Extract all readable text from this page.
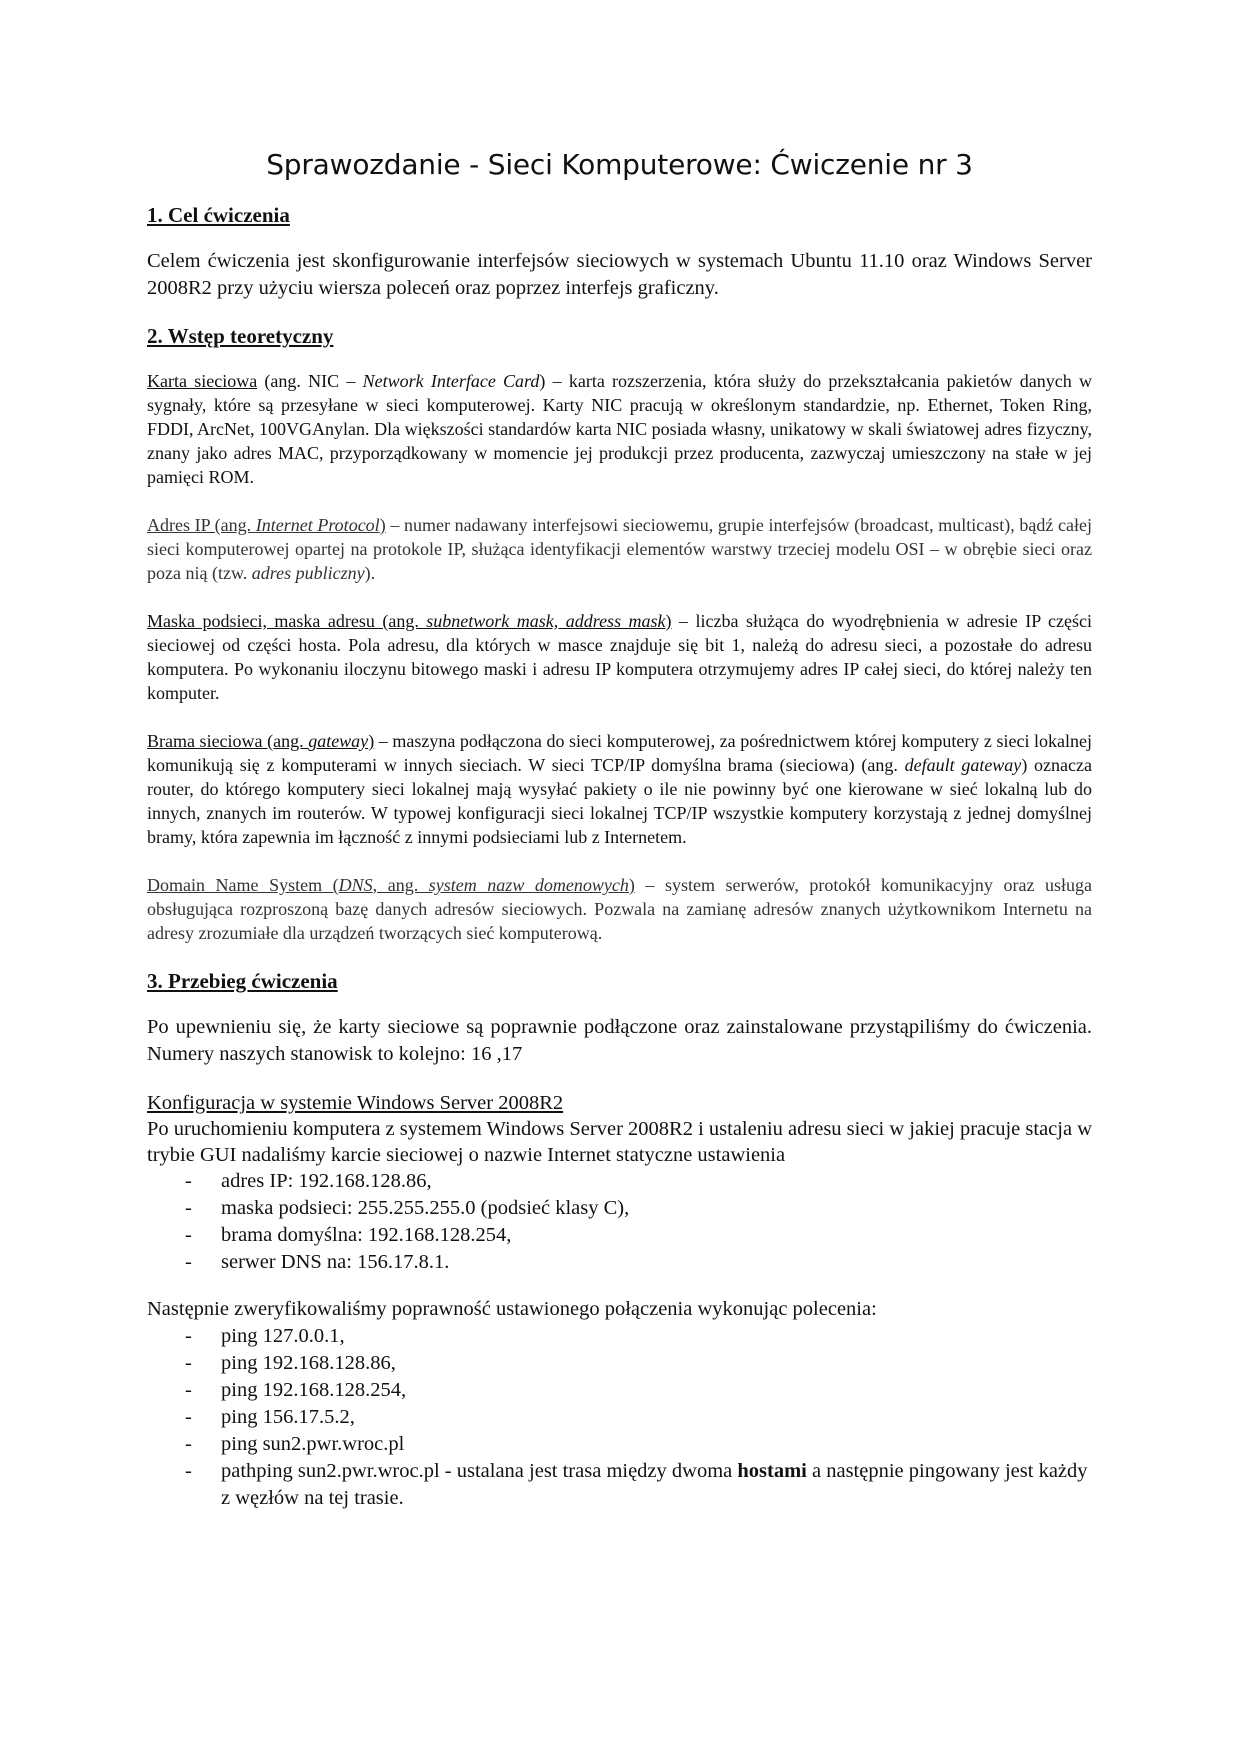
Sprawozdanie - Sieci Komputerowe: Ćwiczenie nr 3
1. Cel ćwiczenia

Celem ćwiczenia jest skonfigurowanie interfejsów sieciowych w systemach Ubuntu 11.10 oraz Windows Server 2008R2 przy użyciu wiersza poleceń oraz poprzez interfejs graficzny.

2. Wstęp teoretyczny

Karta sieciowa (ang. NIC – Network Interface Card) – karta rozszerzenia, która służy do przekształcania pakietów danych w sygnały, które są przesyłane w sieci komputerowej. Karty NIC pracują w określonym standardzie, np. Ethernet, Token Ring, FDDI, ArcNet, 100VGAnylan. Dla większości standardów karta NIC posiada własny, unikatowy w skali światowej adres fizyczny, znany jako adres MAC, przyporządkowany w momencie jej produkcji przez producenta, zazwyczaj umieszczony na stałe w jej pamięci ROM.

Adres IP (ang. Internet Protocol) – numer nadawany interfejsowi sieciowemu, grupie interfejsów (broadcast, multicast), bądź całej sieci komputerowej opartej na protokole IP, służąca identyfikacji elementów warstwy trzeciej modelu OSI – w obrębie sieci oraz poza nią (tzw. adres publiczny).

Maska podsieci, maska adresu (ang. subnetwork mask, address mask) – liczba służąca do wyodrębnienia w adresie IP części sieciowej od części hosta. Pola adresu, dla których w masce znajduje się bit 1, należą do adresu sieci, a pozostałe do adresu komputera. Po wykonaniu iloczynu bitowego maski i adresu IP komputera otrzymujemy adres IP całej sieci, do której należy ten komputer.

Brama sieciowa (ang. gateway) – maszyna podłączona do sieci komputerowej, za pośrednictwem której komputery z sieci lokalnej komunikują się z komputerami w innych sieciach. W sieci TCP/IP domyślna brama (sieciowa) (ang. default gateway) oznacza router, do którego komputery sieci lokalnej mają wysyłać pakiety o ile nie powinny być one kierowane w sieć lokalną lub do innych, znanych im routerów. W typowej konfiguracji sieci lokalnej TCP/IP wszystkie komputery korzystają z jednej domyślnej bramy, która zapewnia im łączność z innymi podsieciami lub z Internetem.

Domain Name System (DNS, ang. system nazw domenowych) – system serwerów, protokół komunikacyjny oraz usługa obsługująca rozproszoną bazę danych adresów sieciowych. Pozwala na zamianę adresów znanych użytkownikom Internetu na adresy zrozumiałe dla urządzeń tworzących sieć komputerową.

3. Przebieg ćwiczenia

Po upewnieniu się, że karty sieciowe są poprawnie podłączone oraz zainstalowane przystąpiliśmy do ćwiczenia. Numery naszych stanowisk to kolejno: 16 ,17

Konfiguracja w systemie Windows Server 2008R2

Po uruchomieniu komputera z systemem Windows Server 2008R2 i ustaleniu adresu sieci w jakiej pracuje stacja w trybie GUI nadaliśmy karcie sieciowej o nazwie Internet statyczne ustawienia

- adres IP: 192.168.128.86,
- maska podsieci: 255.255.255.0 (podsieć klasy C),
- brama domyślna: 192.168.128.254,
- serwer DNS na: 156.17.8.1.

Następnie zweryfikowaliśmy poprawność ustawionego połączenia wykonując polecenia:

- ping 127.0.0.1,
- ping 192.168.128.86,
- ping 192.168.128.254,
- ping 156.17.5.2,
- ping sun2.pwr.wroc.pl
- pathping sun2.pwr.wroc.pl - ustalana jest trasa między dwoma hostami a następnie pingowany jest każdy z węzłów na tej trasie.
